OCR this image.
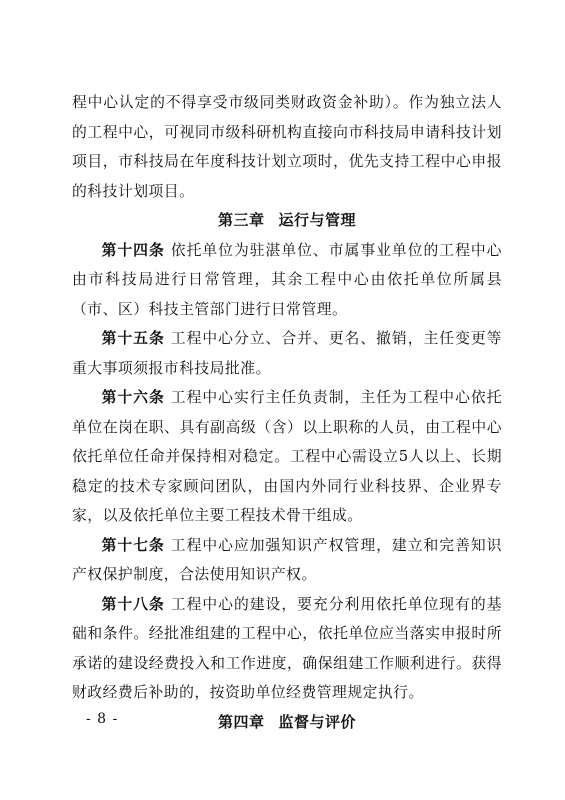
程中心认定的不得享受市级同类财政资金补助）。作为独立法人的工程中心，可视同市级科研机构直接向市科技局申请科技计划项目，市科技局在年度科技计划立项时，优先支持工程中心申报的科技计划项目。

第三章 运行与管理

第十四条 依托单位为驻湛单位、市属事业单位的工程中心由市科技局进行日常管理，其余工程中心由依托单位所属县（市、区）科技主管部门进行日常管理。

第十五条 工程中心分立、合并、更名、撤销，主任变更等重大事项须报市科技局批准。

第十六条 工程中心实行主任负责制，主任为工程中心依托单位在岗在职、具有副高级（含）以上职称的人员，由工程中心依托单位任命并保持相对稳定。工程中心需设立5人以上、长期稳定的技术专家顾问团队，由国内外同行业科技界、企业界专家，以及依托单位主要工程技术骨干组成。

第十七条 工程中心应加强知识产权管理，建立和完善知识产权保护制度，合法使用知识产权。

第十八条 工程中心的建设，要充分利用依托单位现有的基础和条件。经批准组建的工程中心，依托单位应当落实申报时所承诺的建设经费投入和工作进度，确保组建工作顺利进行。获得财政经费后补助的，按资助单位经费管理规定执行。

第四章 监督与评价

- 8 -
